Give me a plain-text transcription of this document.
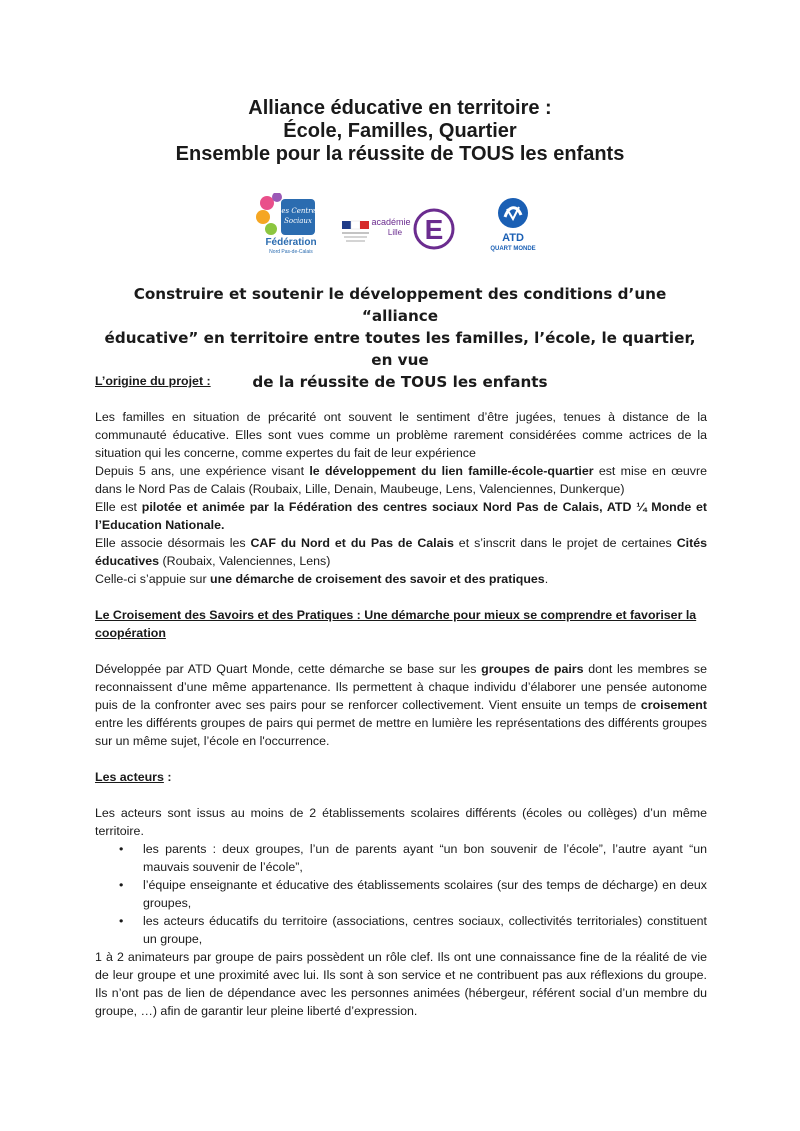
Alliance éducative en territoire :
École, Familles, Quartier
Ensemble pour la réussite de TOUS les enfants
Les Centres
Sociaux
Fédération
Nord Pas-de-Calais
académie
Lille E	ATD
QUART MONDE
Construire et soutenir le développement des conditions d’une “alliance
éducative” en territoire entre toutes les familles, l’école, le quartier, en vue
de la réussite de TOUS les enfants

L’origine du projet :

Les familles en situation de précarité ont souvent le sentiment d’être jugées, tenues à distance de la communauté éducative. Elles sont vues comme un problème rarement considérées comme actrices de la situation qui les concerne, comme expertes du fait de leur expérience

Depuis 5 ans, une expérience visant le développement du lien famille-école-quartier est mise en œuvre dans le Nord Pas de Calais (Roubaix, Lille, Denain, Maubeuge, Lens, Valenciennes, Dunkerque)

Elle est pilotée et animée par la Fédération des centres sociaux Nord Pas de Calais, ATD ¼ Monde et l’Education Nationale.

Elle associe désormais les CAF du Nord et du Pas de Calais et s’inscrit dans le projet de certaines Cités éducatives (Roubaix, Valenciennes, Lens)

Celle-ci s’appuie sur une démarche de croisement des savoir et des pratiques.

Le Croisement des Savoirs et des Pratiques : Une démarche pour mieux se comprendre et favoriser la coopération

Développée par ATD Quart Monde, cette démarche se base sur les groupes de pairs dont les membres se reconnaissent d’une même appartenance. Ils permettent à chaque individu d’élaborer une pensée autonome puis de la confronter avec ses pairs pour se renforcer collectivement. Vient ensuite un temps de croisement entre les différents groupes de pairs qui permet de mettre en lumière les représentations des différents groupes sur un même sujet, l’école en l'occurrence.

Les acteurs :

Les acteurs sont issus au moins de 2 établissements scolaires différents (écoles ou collèges) d’un même territoire.

• les parents : deux groupes, l’un de parents ayant “un bon souvenir de l’école”, l’autre ayant “un mauvais souvenir de l’école”,
• l’équipe enseignante et éducative des établissements scolaires (sur des temps de décharge) en deux groupes,
• les acteurs éducatifs du territoire (associations, centres sociaux, collectivités territoriales) constituent un groupe,

1 à 2 animateurs par groupe de pairs possèdent un rôle clef. Ils ont une connaissance fine de la réalité de vie de leur groupe et une proximité avec lui. Ils sont à son service et ne contribuent pas aux réflexions du groupe. Ils n’ont pas de lien de dépendance avec les personnes animées (hébergeur, référent social d’un membre du groupe, …) afin de garantir leur pleine liberté d’expression.
